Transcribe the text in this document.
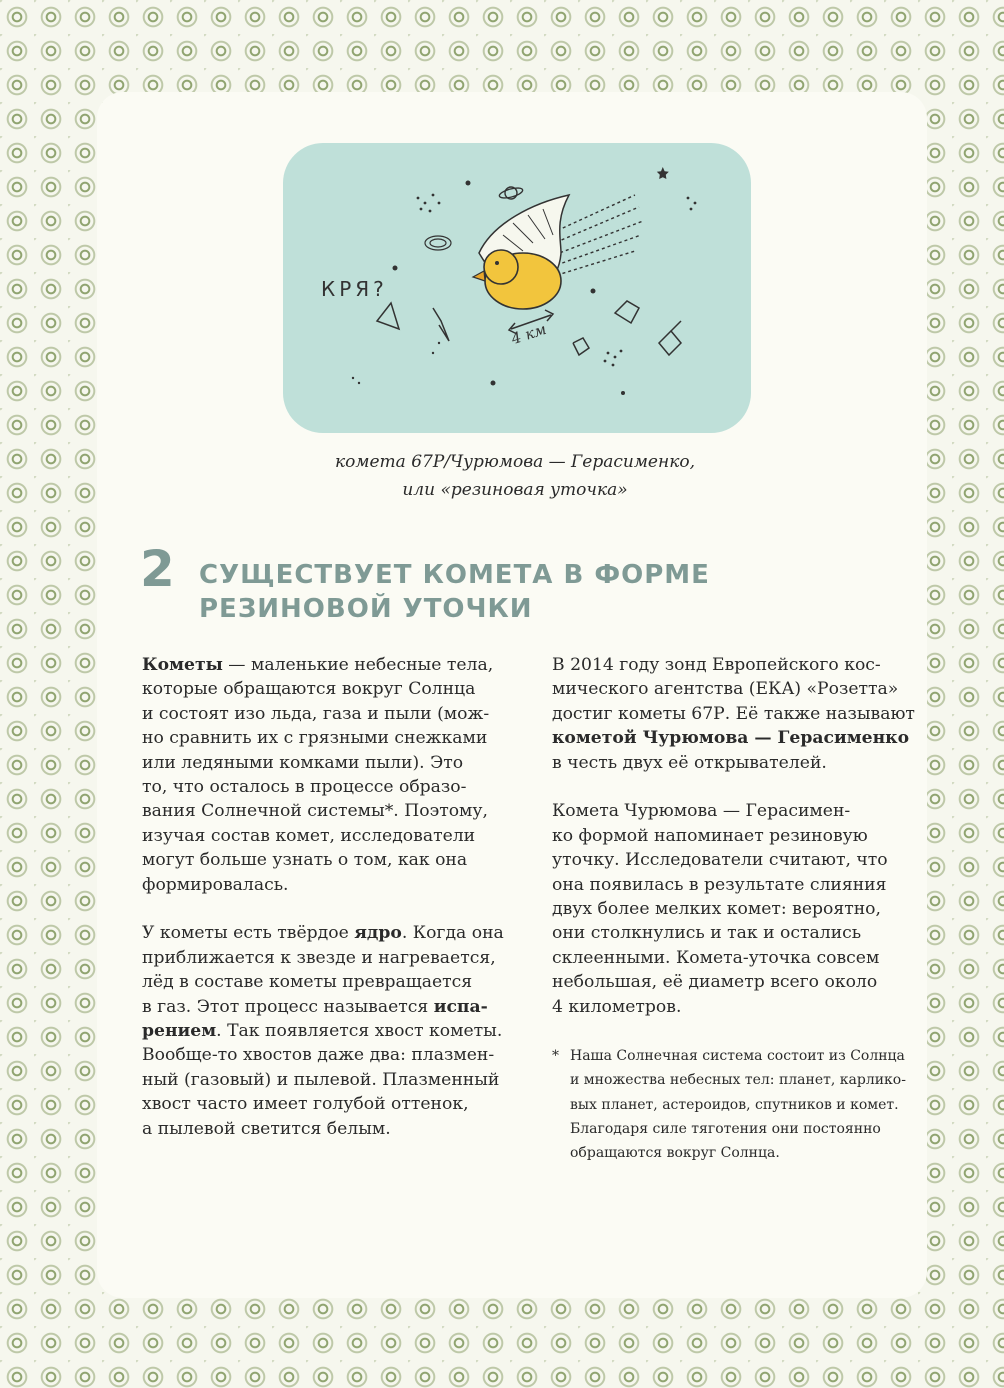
КРЯ?
4 км
комета 67Р/Чурюмова — Герасименко,
или «резиновая уточка»
2 СУЩЕСТВУЕТ КОМЕТА В ФОРМЕ
РЕЗИНОВОЙ УТОЧКИ
Кометы — маленькие небесные тела,
которые обращаются вокруг Солнца
и состоят изо льда, газа и пыли (мож-
но сравнить их с грязными снежками
или ледяными комками пыли). Это
то, что осталось в процессе образо-
вания Солнечной системы*. Поэтому,
изучая состав комет, исследователи
могут больше узнать о том, как она
формировалась.
У кометы есть твёрдое ядро. Когда она
приближается к звезде и нагревается,
лёд в составе кометы превращается
в газ. Этот процесс называется испа-
рением. Так появляется хвост кометы.
Вообще-то хвостов даже два: плазмен-
ный (газовый) и пылевой. Плазменный
хвост часто имеет голубой оттенок,
а пылевой светится белым.
В 2014 году зонд Европейского кос-
мического агентства (ЕКА) «Розетта»
достиг кометы 67Р. Её также называют
кометой Чурюмова — Герасименко
в честь двух её открывателей.
Комета Чурюмова — Герасимен-
ко формой напоминает резиновую
уточку. Исследователи считают, что
она появилась в результате слияния
двух более мелких комет: вероятно,
они столкнулись и так и остались
склеенными. Комета-уточка совсем
небольшая, её диаметр всего около
4 километров.
* Наша Солнечная система состоит из Солнца
и множества небесных тел: планет, карлико-
вых планет, астероидов, спутников и комет.
Благодаря силе тяготения они постоянно
обращаются вокруг Солнца.
